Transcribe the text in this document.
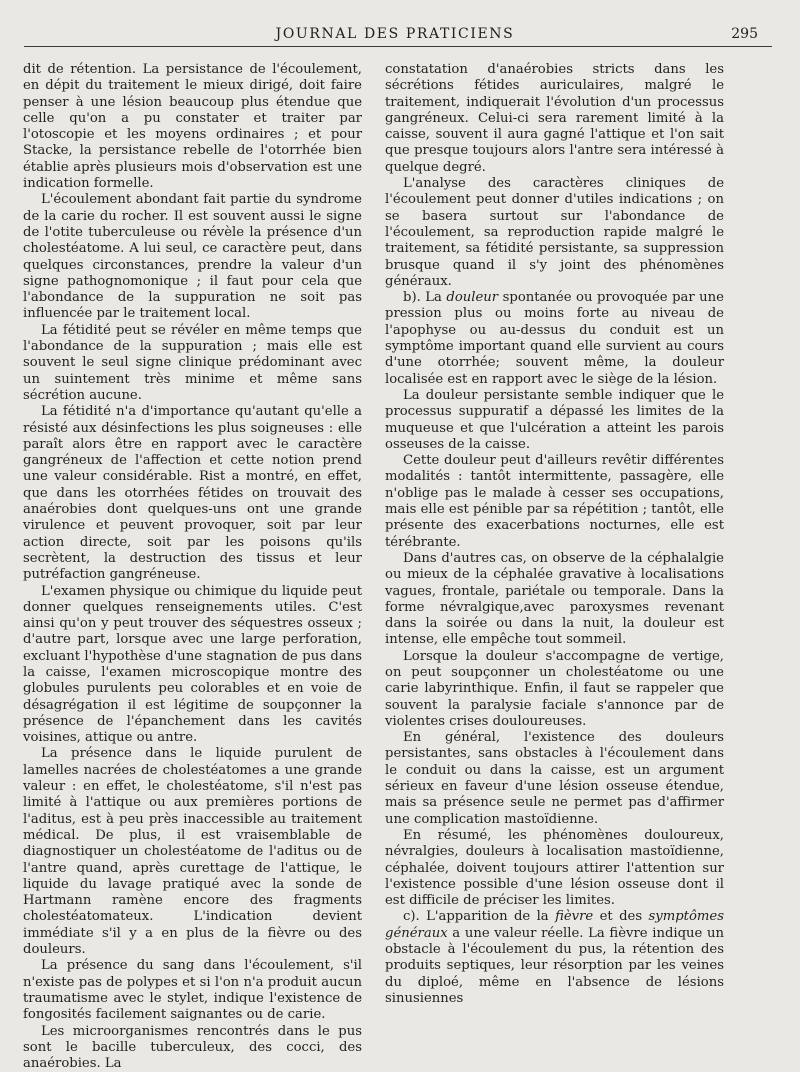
JOURNAL DES PRATICIENS	295

dit de rétention. La persistance de l'écoulement, en dépit du traitement le mieux dirigé, doit faire penser à une lésion beaucoup plus étendue que celle qu'on a pu constater et traiter par l'otoscopie et les moyens ordinaires ; et pour Stacke, la persistance rebelle de l'otorrhée bien établie après plusieurs mois d'observation est une indication formelle.

L'écoulement abondant fait partie du syndrome de la carie du rocher. Il est souvent aussi le signe de l'otite tuberculeuse ou révèle la présence d'un cholestéatome. A lui seul, ce caractère peut, dans quelques circonstances, prendre la valeur d'un signe pathognomonique ; il faut pour cela que l'abondance de la suppuration ne soit pas influencée par le traitement local.

La fétidité peut se révéler en même temps que l'abondance de la suppuration ; mais elle est souvent le seul signe clinique prédominant avec un suintement très minime et même sans sécrétion aucune.

La fétidité n'a d'importance qu'autant qu'elle a résisté aux désinfections les plus soigneuses : elle paraît alors être en rapport avec le caractère gangréneux de l'affection et cette notion prend une valeur considérable. Rist a montré, en effet, que dans les otorrhées fétides on trouvait des anaérobies dont quelques-uns ont une grande virulence et peuvent provoquer, soit par leur action directe, soit par les poisons qu'ils secrètent, la destruction des tissus et leur putréfaction gangréneuse.

L'examen physique ou chimique du liquide peut donner quelques renseignements utiles. C'est ainsi qu'on y peut trouver des séquestres osseux ; d'autre part, lorsque avec une large perforation, excluant l'hypothèse d'une stagnation de pus dans la caisse, l'examen microscopique montre des globules purulents peu colorables et en voie de désagrégation il est légitime de soupçonner la présence de l'épanchement dans les cavités voisines, attique ou antre.

La présence dans le liquide purulent de lamelles nacrées de cholestéatomes a une grande valeur : en effet, le cholestéatome, s'il n'est pas limité à l'attique ou aux premières portions de l'aditus, est à peu près inaccessible au traitement médical. De plus, il est vraisemblable de diagnostiquer un cholestéatome de l'aditus ou de l'antre quand, après curettage de l'attique, le liquide du lavage pratiqué avec la sonde de Hartmann ramène encore des fragments cholestéatomateux. L'indication devient immédiate s'il y a en plus de la fièvre ou des douleurs.

La présence du sang dans l'écoulement, s'il n'existe pas de polypes et si l'on n'a produit aucun traumatisme avec le stylet, indique l'existence de fongosités facilement saignantes ou de carie.

Les microorganismes rencontrés dans le pus sont le bacille tuberculeux, des cocci, des anaérobies. La

constatation d'anaérobies stricts dans les sécrétions fétides auriculaires, malgré le traitement, indiquerait l'évolution d'un processus gangréneux. Celui-ci sera rarement limité à la caisse, souvent il aura gagné l'attique et l'on sait que presque toujours alors l'antre sera intéressé à quelque degré.

L'analyse des caractères cliniques de l'écoulement peut donner d'utiles indications ; on se basera surtout sur l'abondance de l'écoulement, sa reproduction rapide malgré le traitement, sa fétidité persistante, sa suppression brusque quand il s'y joint des phénomènes généraux.

b). La douleur spontanée ou provoquée par une pression plus ou moins forte au niveau de l'apophyse ou au-dessus du conduit est un symptôme important quand elle survient au cours d'une otorrhée; souvent même, la douleur localisée est en rapport avec le siège de la lésion.

La douleur persistante semble indiquer que le processus suppuratif a dépassé les limites de la muqueuse et que l'ulcération a atteint les parois osseuses de la caisse.

Cette douleur peut d'ailleurs revêtir différentes modalités : tantôt intermittente, passagère, elle n'oblige pas le malade à cesser ses occupations, mais elle est pénible par sa répétition ; tantôt, elle présente des exacerbations nocturnes, elle est térébrante.

Dans d'autres cas, on observe de la céphalalgie ou mieux de la céphalée gravative à localisations vagues, frontale, pariétale ou temporale. Dans la forme névralgique,avec paroxysmes revenant dans la soirée ou dans la nuit, la douleur est intense, elle empêche tout sommeil.

Lorsque la douleur s'accompagne de vertige, on peut soupçonner un cholestéatome ou une carie labyrinthique. Enfin, il faut se rappeler que souvent la paralysie faciale s'annonce par de violentes crises douloureuses.

En général, l'existence des douleurs persistantes, sans obstacles à l'écoulement dans le conduit ou dans la caisse, est un argument sérieux en faveur d'une lésion osseuse étendue, mais sa présence seule ne permet pas d'affirmer une complication mastoïdienne.

En résumé, les phénomènes douloureux, névralgies, douleurs à localisation mastoïdienne, céphalée, doivent toujours attirer l'attention sur l'existence possible d'une lésion osseuse dont il est difficile de préciser les limites.

c). L'apparition de la fièvre et des symptômes généraux a une valeur réelle. La fièvre indique un obstacle à l'écoulement du pus, la rétention des produits septiques, leur résorption par les veines du diploé, même en l'absence de lésions sinusiennes
